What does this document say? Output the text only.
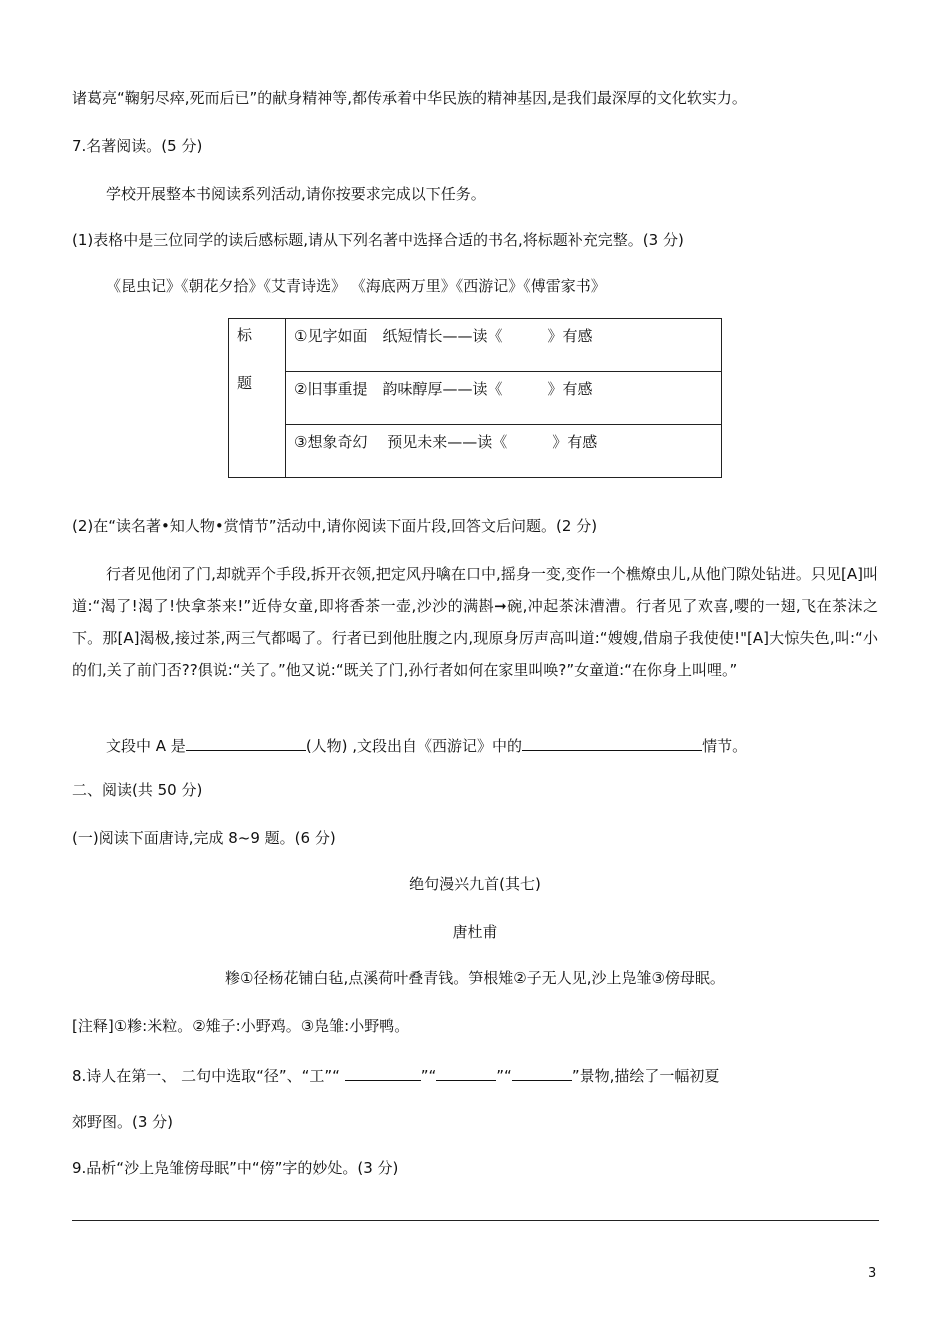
诸葛亮“鞠躬尽瘁,死而后已”的献身精神等,都传承着中华民族的精神基因,是我们最深厚的文化软实力。
7.名著阅读。(5 分)
学校开展整本书阅读系列活动,请你按要求完成以下任务。
(1)表格中是三位同学的读后感标题,请从下列名著中选择合适的书名,将标题补充完整。(3 分)
《昆虫记》《朝花夕拾》《艾青诗选》 《海底两万里》《西游记》《傅雷家书》
标
题
	①见字如面　纸短情长——读《　　　》有感
②旧事重提　韵味醇厚——读《　　　》有感
③想象奇幻　 预见未来——读《　　　》有感
(2)在“读名著•知人物•赏情节”活动中,请你阅读下面片段,回答文后问题。(2 分)
行者见他闭了门,却就弄个手段,拆开衣领,把定风丹噙在口中,摇身一变,变作一个樵燎虫儿,从他门隙处钻进。只见[A]叫道:“渴了!渴了!快拿茶来!”近侍女童,即将香茶一壶,沙沙的满斟➞碗,冲起茶沫漕漕。行者见了欢喜,嘤的一翅,飞在茶沫之下。那[A]渴极,接过茶,两三气都喝了。行者已到他肚腹之内,现原身厉声高叫道:“嫂嫂,借扇子我使使!"[A]大惊失色,叫:“小的们,关了前门否??俱说:“关了。”他又说:“既关了门,孙行者如何在家里叫唤?”女童道:“在你身上叫哩。”
文段中 A 是	(人物) ,文段出自《西游记》中的	情节。
二、阅读(共 50 分)
(一)阅读下面唐诗,完成 8~9 题。(6 分)
绝句漫兴九首(其七)
唐杜甫
糁①径杨花铺白毡,点溪荷叶叠青钱。笋根雉②子无人见,沙上凫雏③傍母眠。
[注释]①糁:米粒。②雉子:小野鸡。③凫雏:小野鸭。
8.诗人在第一、 二句中选取“径”、“工”“	”“	”“	”景物,描绘了一幅初夏
郊野图。(3 分)
9.品析“沙上凫雏傍母眠”中“傍”字的妙处。(3 分)
3
